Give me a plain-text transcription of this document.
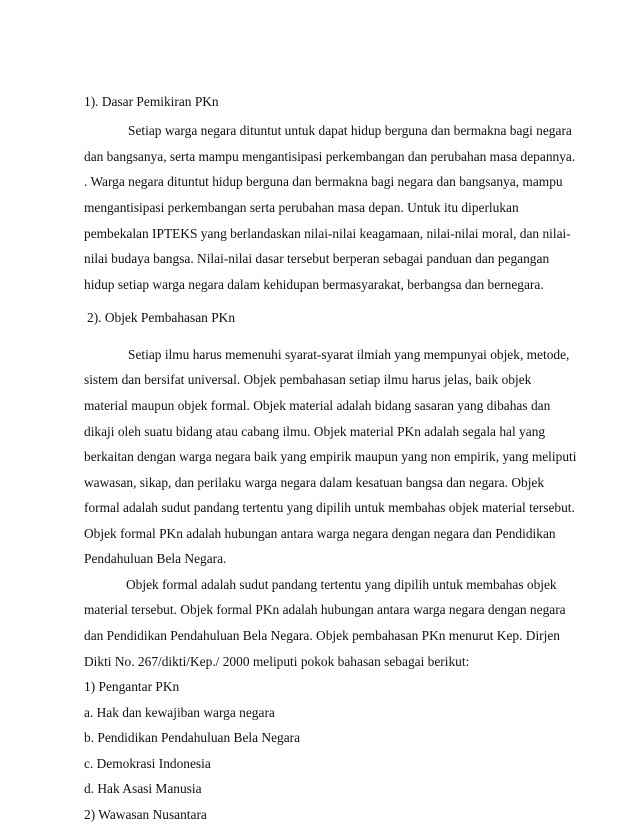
1). Dasar Pemikiran PKn
Setiap warga negara dituntut untuk dapat hidup berguna dan bermakna bagi negara
dan bangsanya, serta mampu mengantisipasi perkembangan dan perubahan masa depannya.
. Warga negara dituntut hidup berguna dan bermakna bagi negara dan bangsanya, mampu
mengantisipasi perkembangan serta perubahan masa depan. Untuk itu diperlukan
pembekalan IPTEKS yang berlandaskan nilai-nilai keagamaan, nilai-nilai moral, dan nilai-
nilai budaya bangsa. Nilai-nilai dasar tersebut berperan sebagai panduan dan pegangan
hidup setiap warga negara dalam kehidupan bermasyarakat, berbangsa dan bernegara.
2). Objek Pembahasan PKn
Setiap ilmu harus memenuhi syarat-syarat ilmiah yang mempunyai objek, metode,
sistem dan bersifat universal. Objek pembahasan setiap ilmu harus jelas, baik objek
material maupun objek formal. Objek material adalah bidang sasaran yang dibahas dan
dikaji oleh suatu bidang atau cabang ilmu. Objek material PKn adalah segala hal yang
berkaitan dengan warga negara baik yang empirik maupun yang non empirik, yang meliputi
wawasan, sikap, dan perilaku warga negara dalam kesatuan bangsa dan negara. Objek
formal adalah sudut pandang tertentu yang dipilih untuk membahas objek material tersebut.
Objek formal PKn adalah hubungan antara warga negara dengan negara dan Pendidikan
Pendahuluan Bela Negara.
Objek formal adalah sudut pandang tertentu yang dipilih untuk membahas objek
material tersebut. Objek formal PKn adalah hubungan antara warga negara dengan negara
dan Pendidikan Pendahuluan Bela Negara. Objek pembahasan PKn menurut Kep. Dirjen
Dikti No. 267/dikti/Kep./ 2000 meliputi pokok bahasan sebagai berikut:
1) Pengantar PKn
a. Hak dan kewajiban warga negara
b. Pendidikan Pendahuluan Bela Negara
c. Demokrasi Indonesia
d. Hak Asasi Manusia
2) Wawasan Nusantara
